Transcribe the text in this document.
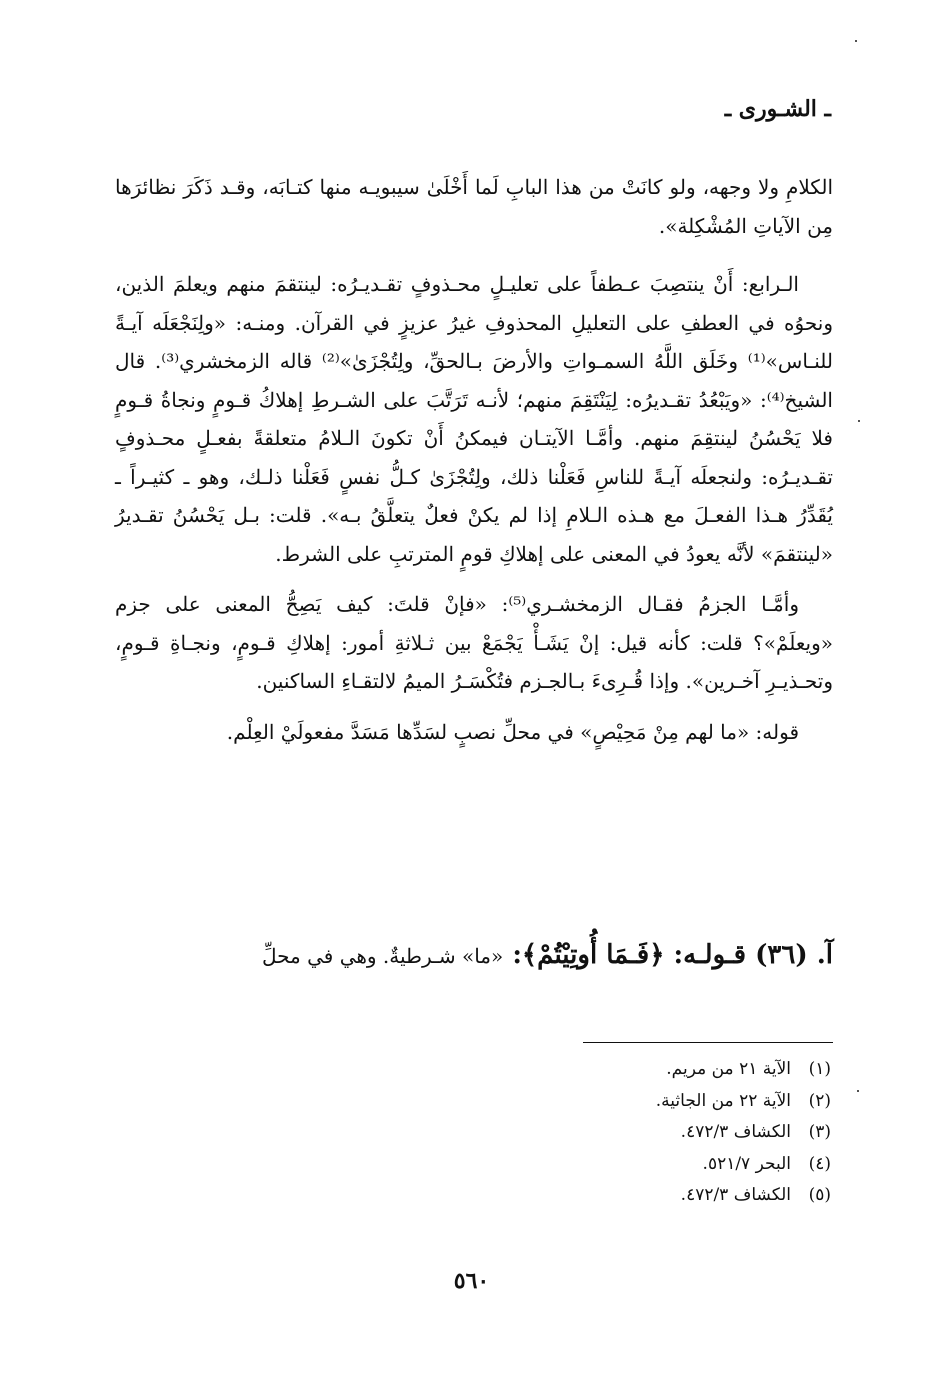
ـ الشـورى ـ

الكلامِ ولا وجهه، ولو كانَتْ من هذا البابِ لَما أَخْلَىٰ سيبويـه منها كتـابَه، وقـد ذَكَرَ نظائرَها مِن الآياتِ المُشْكِلة».

الـرابع: أَنْ ينتصِبَ عـطفاً على تعليـلٍ محـذوفٍ تقـديـرُه: لينتقمَ منهم ويعلمَ الذين، ونحوُه في العطفِ على التعليلِ المحذوفِ غيرُ عزيزٍ في القرآن. ومنـه: «ولِنَجْعَلَه آيـةً للنـاس»⁽¹⁾ وخَلَق اللَّهُ السمـواتِ والأرضَ بـالحقِّ، ولِتُجْزَىٰ»⁽²⁾ قاله الزمخشري⁽³⁾. قال الشيخ⁽⁴⁾: «ويَبْعُدُ تقـديرُه: لِيَنْتَقِمَ منهم؛ لأنـه تَرَتَّبَ على الشـرطِ إهلاكُ قـومٍ ونجاةُ قـومٍ فلا يَحْسُنُ لينتقِمَ منهم. وأمَّـا الآيتـان فيمكنُ أَنْ تكونَ الـلامُ متعلقةً بفعـلٍ محـذوفٍ تقـديـرُه: ولنجعلَه آيـةً للناسِ فَعَلْنا ذلك، ولِتُجْزَىٰ كـلُّ نفسٍ فَعَلْنا ذلـك، وهو ـ كثيـراً ـ يُقَدِّرُ هـذا الفعـلَ مع هـذه الـلامِ إذا لم يكنْ فعلٌ يتعلَّقُ بـه». قلت: بـل يَحْسُنُ تقـديرُ «لينتقمَ» لأنَّه يعودُ في المعنى على إهلاكِ قومٍ المترتبِ على الشرط.

وأمَّـا الجزمُ فقـال الزمخشـري⁽⁵⁾: «فإنْ قلتَ: كيف يَصِحُّ المعنى على جزم «ويعلَمْ»؟ قلت: كأنه قيل: إنْ يَشَـأْ يَجْمَعْ بين ثـلاثةِ أمور: إهلاكِ قـومٍ، ونجـاةِ قـومٍ، وتحـذيـرِ آخـرين». وإذا قُـرِىءَ بـالجـزم فتُكْسَـرُ الميمُ لالتقـاءِ الساكنين.

قوله: «ما لهم مِنْ مَحِيْصٍ» في محلِّ نصبٍ لسَدِّها مَسَدَّ مفعولَيْ العِلْم.

آ. (٣٦) قـولـه: ﴿فَـمَا أُوتِيْتُمْ﴾: «ما» شـرطيةٌ. وهي في محلِّ
(١)الآية ٢١ من مريم.
(٢)الآية ٢٢ من الجاثية.
(٣)الكشاف ٤٧٢/٣.
(٤)البحر ٥٢١/٧.
(٥)الكشاف ٤٧٢/٣.
٥٦٠
